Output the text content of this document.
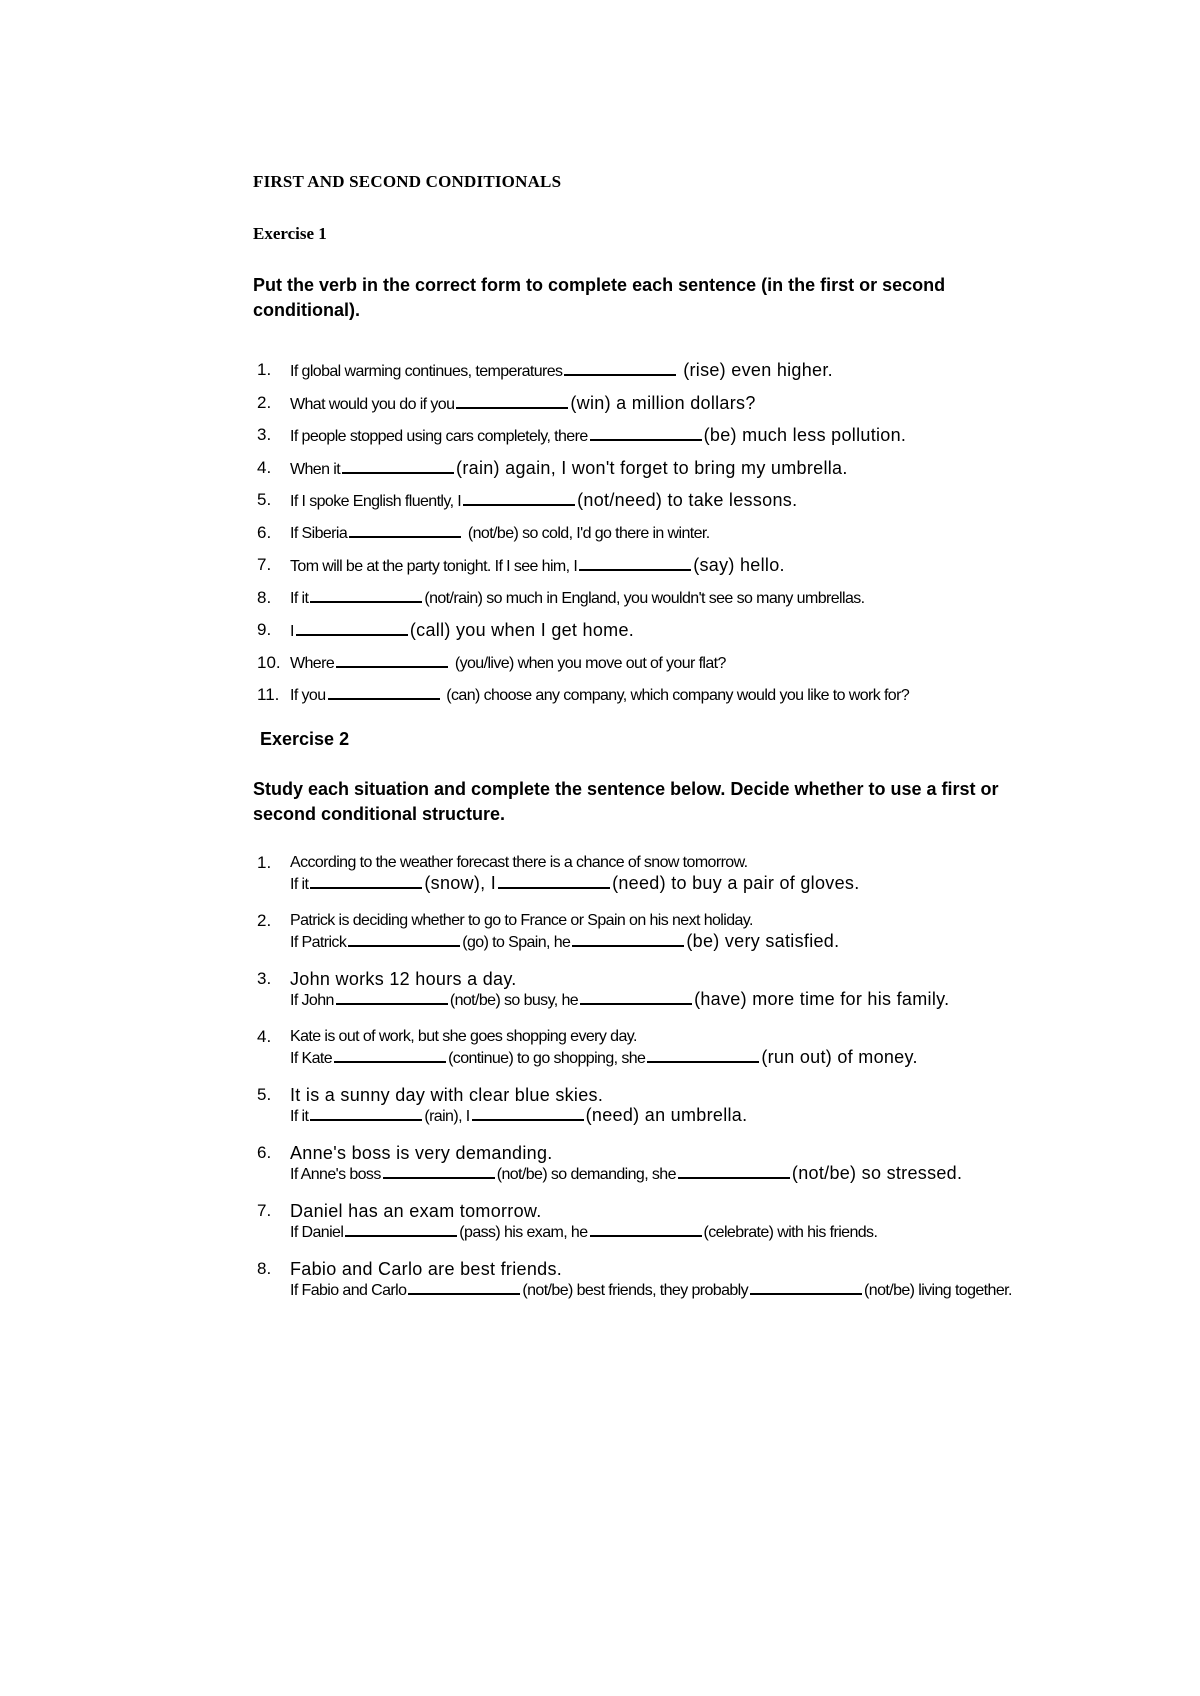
FIRST AND SECOND CONDITIONALS
Exercise 1
Put the verb in the correct form to complete each sentence (in the first or second conditional).
1.	If global warming continues, temperatures	(rise) even higher.
2.	What would you do if you	(win) a million dollars?
3.	If people stopped using cars completely, there	(be) much less pollution.
4.	When it	(rain) again, I won't forget to bring my umbrella.
5.	If I spoke English fluently, I	(not/need) to take lessons.
6.	If Siberia	(not/be) so cold, I'd go there in winter.
7.	Tom will be at the party tonight. If I see him, I	(say) hello.
8.	If it	(not/rain) so much in England, you wouldn't see so many umbrellas.
9.	I	(call) you when I get home.
10. Where	(you/live) when you move out of your flat?
11. If you	(can) choose any company, which company would you like to work for?
Exercise 2
Study each situation and complete the sentence below. Decide whether to use a first or second conditional structure.
1.	According to the weather forecast there is a chance of snow tomorrow.
If it	(snow), I	(need) to buy a pair of gloves.
2.	Patrick is deciding whether to go to France or Spain on his next holiday.
If Patrick	(go) to Spain, he	(be) very satisfied.
3.	John works 12 hours a day.
If John	(not/be) so busy, he	(have) more time for his family.
4.	Kate is out of work, but she goes shopping every day.
If Kate	(continue) to go shopping, she	(run out) of money.
5.	It is a sunny day with clear blue skies.
If it	(rain), I	(need) an umbrella.
6.	Anne's boss is very demanding.
If Anne's boss	(not/be) so demanding, she	(not/be) so stressed.
7.	Daniel has an exam tomorrow.
If Daniel	(pass) his exam, he	(celebrate) with his friends.
8.	Fabio and Carlo are best friends.
If Fabio and Carlo	(not/be) best friends, they probably	(not/be) living together.
